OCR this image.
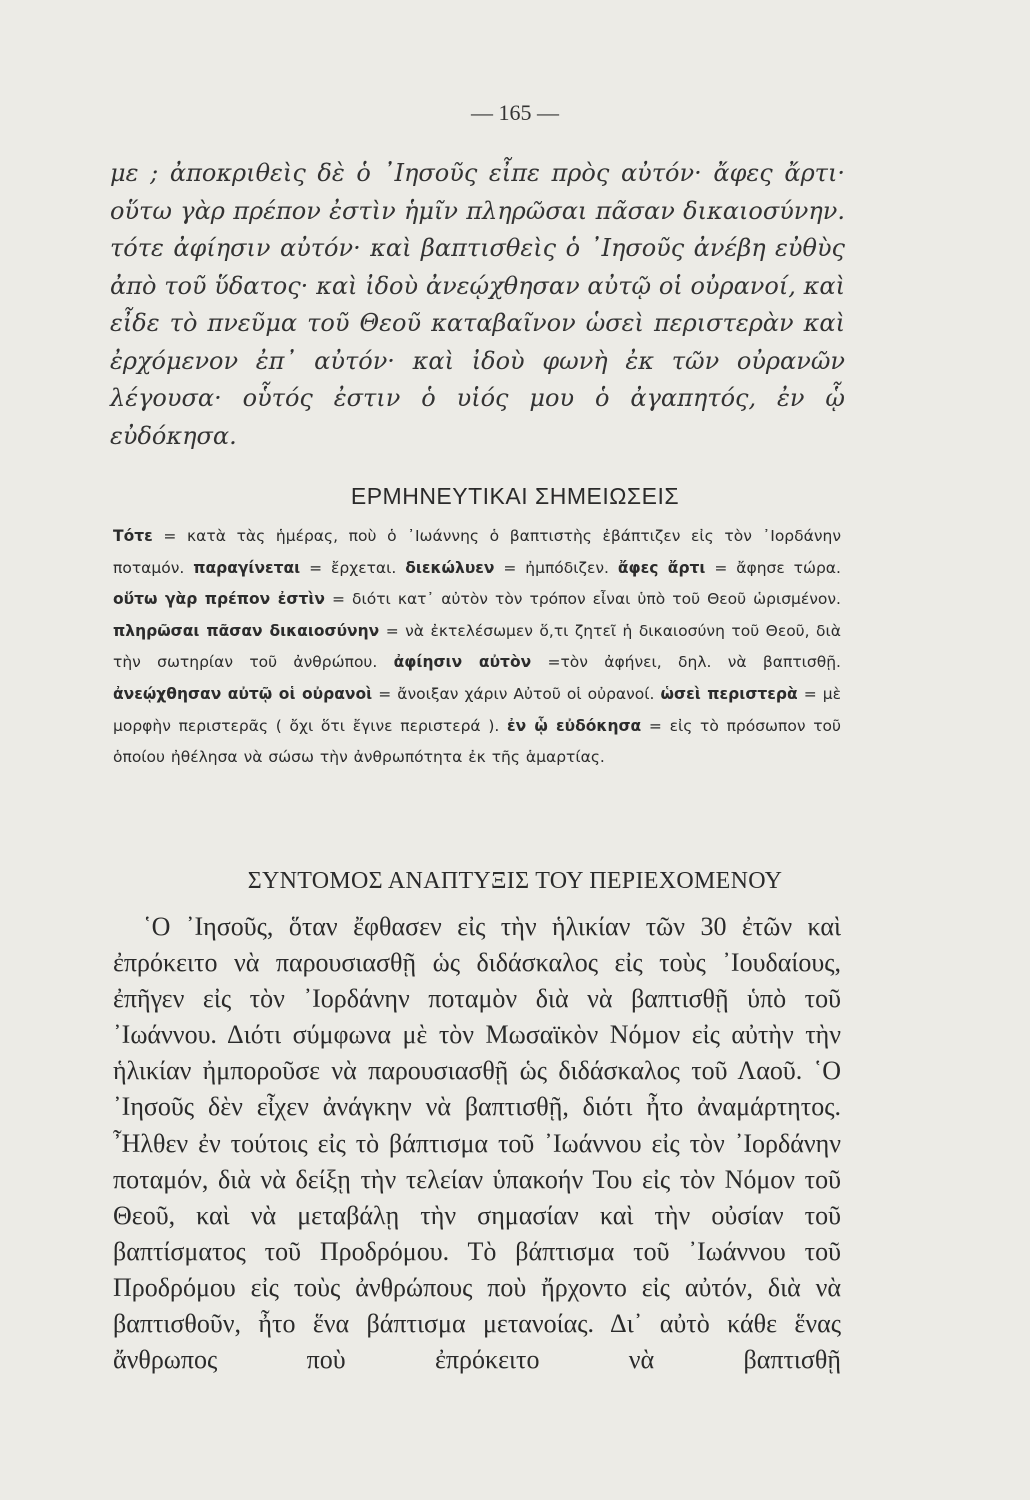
— 165 —
με ; ἀποκριθεὶς δὲ ὁ ᾽Ιησοῦς εἶπε πρὸς αὐτόν· ἄφες ἄρτι· οὕτω γὰρ πρέπον ἐστὶν ἡμῖν πληρῶσαι πᾶσαν δικαιοσύνην. τότε ἀφίησιν αὐτόν· καὶ βαπτισθεὶς ὁ ᾽Ιησοῦς ἀνέβη εὐθὺς ἀπὸ τοῦ ὕδατος· καὶ ἰδοὺ ἀνεῴχθησαν αὐτῷ οἱ οὐρανοί, καὶ εἶδε τὸ πνεῦμα τοῦ Θεοῦ καταβαῖνον ὡσεὶ περιστερὰν καὶ ἐρχόμενον ἐπ᾽ αὐτόν· καὶ ἰδοὺ φωνὴ ἐκ τῶν οὐρανῶν λέγουσα· οὗτός ἐστιν ὁ υἱός μου ὁ ἀγαπητός, ἐν ᾧ εὐδόκησα.
ΕΡΜΗΝΕΥΤΙΚΑΙ ΣΗΜΕΙΩΣΕΙΣ
Τότε = κατὰ τὰς ἡμέρας, ποὺ ὁ ᾽Ιωάννης ὁ βαπτιστὴς ἐβάπτιζεν εἰς τὸν ᾽Ιορδάνην ποταμόν. παραγίνεται = ἔρχεται. διεκώλυεν = ἠμπόδιζεν. ἄφες ἄρτι = ἄφησε τώρα. οὕτω γὰρ πρέπον ἐστὶν = διότι κατ᾽ αὐτὸν τὸν τρόπον εἶναι ὑπὸ τοῦ Θεοῦ ὡρισμένον. πληρῶσαι πᾶσαν δικαιοσύνην = νὰ ἐκτελέσωμεν ὅ,τι ζητεῖ ἡ δικαιοσύνη τοῦ Θεοῦ, διὰ τὴν σωτηρίαν τοῦ ἀνθρώπου. ἀφίησιν αὐτὸν =τὸν ἀφήνει, δηλ. νὰ βαπτισθῇ. ἀνεῴχθησαν αὐτῷ οἱ οὐρανοὶ = ἄνοιξαν χάριν Αὐτοῦ οἱ οὐρανοί. ὡσεὶ περιστερὰ = μὲ μορφὴν περιστερᾶς ( ὄχι ὅτι ἔγινε περιστερά ). ἐν ᾧ εὐδόκησα = εἰς τὸ πρόσωπον τοῦ ὁποίου ἠθέλησα νὰ σώσω τὴν ἀνθρωπότητα ἐκ τῆς ἁμαρτίας.
ΣΥΝΤΟΜΟΣ ΑΝΑΠΤΥΞΙΣ ΤΟΥ ΠΕΡΙΕΧΟΜΕΝΟΥ
῾Ο ᾽Ιησοῦς, ὅταν ἔφθασεν εἰς τὴν ἡλικίαν τῶν 30 ἐτῶν καὶ ἐπρόκειτο νὰ παρουσιασθῇ ὡς διδάσκαλος εἰς τοὺς ᾽Ιουδαίους, ἐπῆγεν εἰς τὸν ᾽Ιορδάνην ποταμὸν διὰ νὰ βαπτισθῇ ὑπὸ τοῦ ᾽Ιωάννου. Διότι σύμφωνα μὲ τὸν Μωσαϊκὸν Νόμον εἰς αὐτὴν τὴν ἡλικίαν ἠμποροῦσε νὰ παρουσιασθῇ ὡς διδάσκαλος τοῦ Λαοῦ. ῾Ο ᾽Ιησοῦς δὲν εἶχεν ἀνάγκην νὰ βαπτισθῇ, διότι ἦτο ἀναμάρτητος. ῏Ηλθεν ἐν τούτοις εἰς τὸ βάπτισμα τοῦ ᾽Ιωάννου εἰς τὸν ᾽Ιορδάνην ποταμόν, διὰ νὰ δείξῃ τὴν τελείαν ὑπακοήν Του εἰς τὸν Νόμον τοῦ Θεοῦ, καὶ νὰ μεταβάλῃ τὴν σημασίαν καὶ τὴν οὐσίαν τοῦ βαπτίσματος τοῦ Προδρόμου. Τὸ βάπτισμα τοῦ ᾽Ιωάννου τοῦ Προδρόμου εἰς τοὺς ἀνθρώπους ποὺ ἤρχοντο εἰς αὐτόν, διὰ νὰ βαπτισθοῦν, ἦτο ἕνα βάπτισμα μετανοίας. Δι᾽ αὐτὸ κάθε ἕνας ἄνθρωπος ποὺ ἐπρόκειτο νὰ βαπτισθῇ
